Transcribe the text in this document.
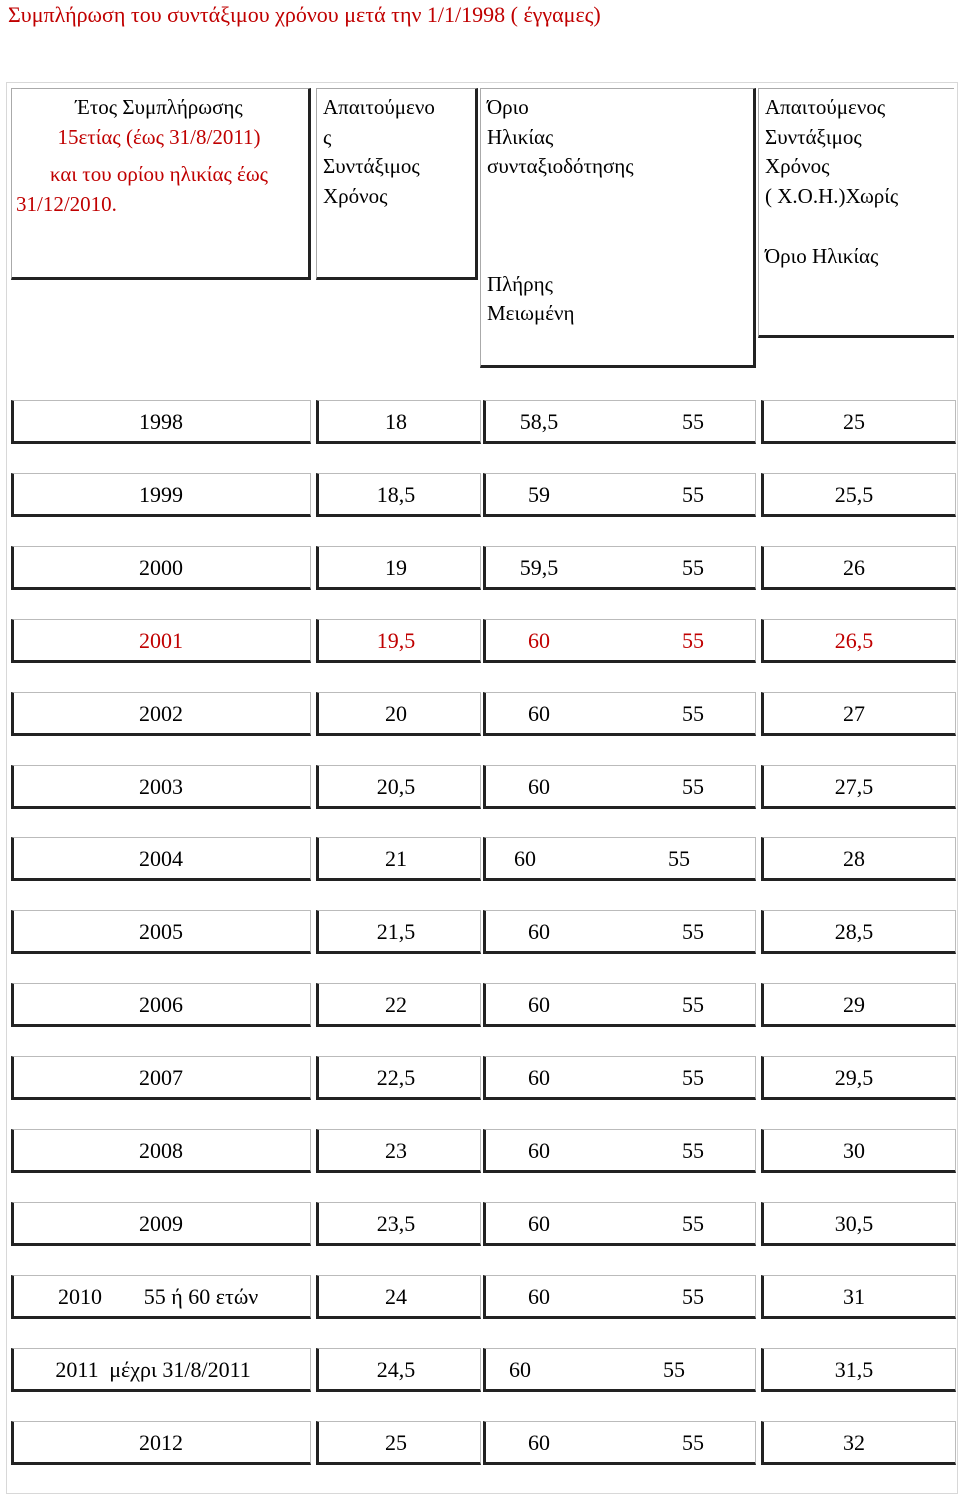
Συμπλήρωση του συντάξιμου χρόνου μετά την 1/1/1998 ( έγγαμες)
Έτος Συμπλήρωσης
15ετίας (έως 31/8/2011)
και του ορίου ηλικίας έως
31/12/2010.
Απαιτούμενο
ς
Συντάξιμος
Χρόνος
Όριο
Ηλικίας
συνταξιοδότησης
Πλήρης
Μειωμένη
Απαιτούμενος
Συντάξιμος
Χρόνος
( Χ.Ο.Η.)Χωρίς
Όριο Ηλικίας
1998	18	58,5	55	25
1999	18,5	59	55	25,5
2000	19	59,5	55	26
2001	19,5	60	55	26,5
2002	20	60	55	27
2003	20,5	60	55	27,5
2004	21	60	55	28
2005	21,5	60	55	28,5
2006	22	60	55	29
2007	22,5	60	55	29,5
2008	23	60	55	30
2009	23,5	60	55	30,5
2010 55 ή 60 ετών	24	60	55	31
2011 μέχρι 31/8/2011	24,5	60	55	31,5
2012	25	60	55	32
